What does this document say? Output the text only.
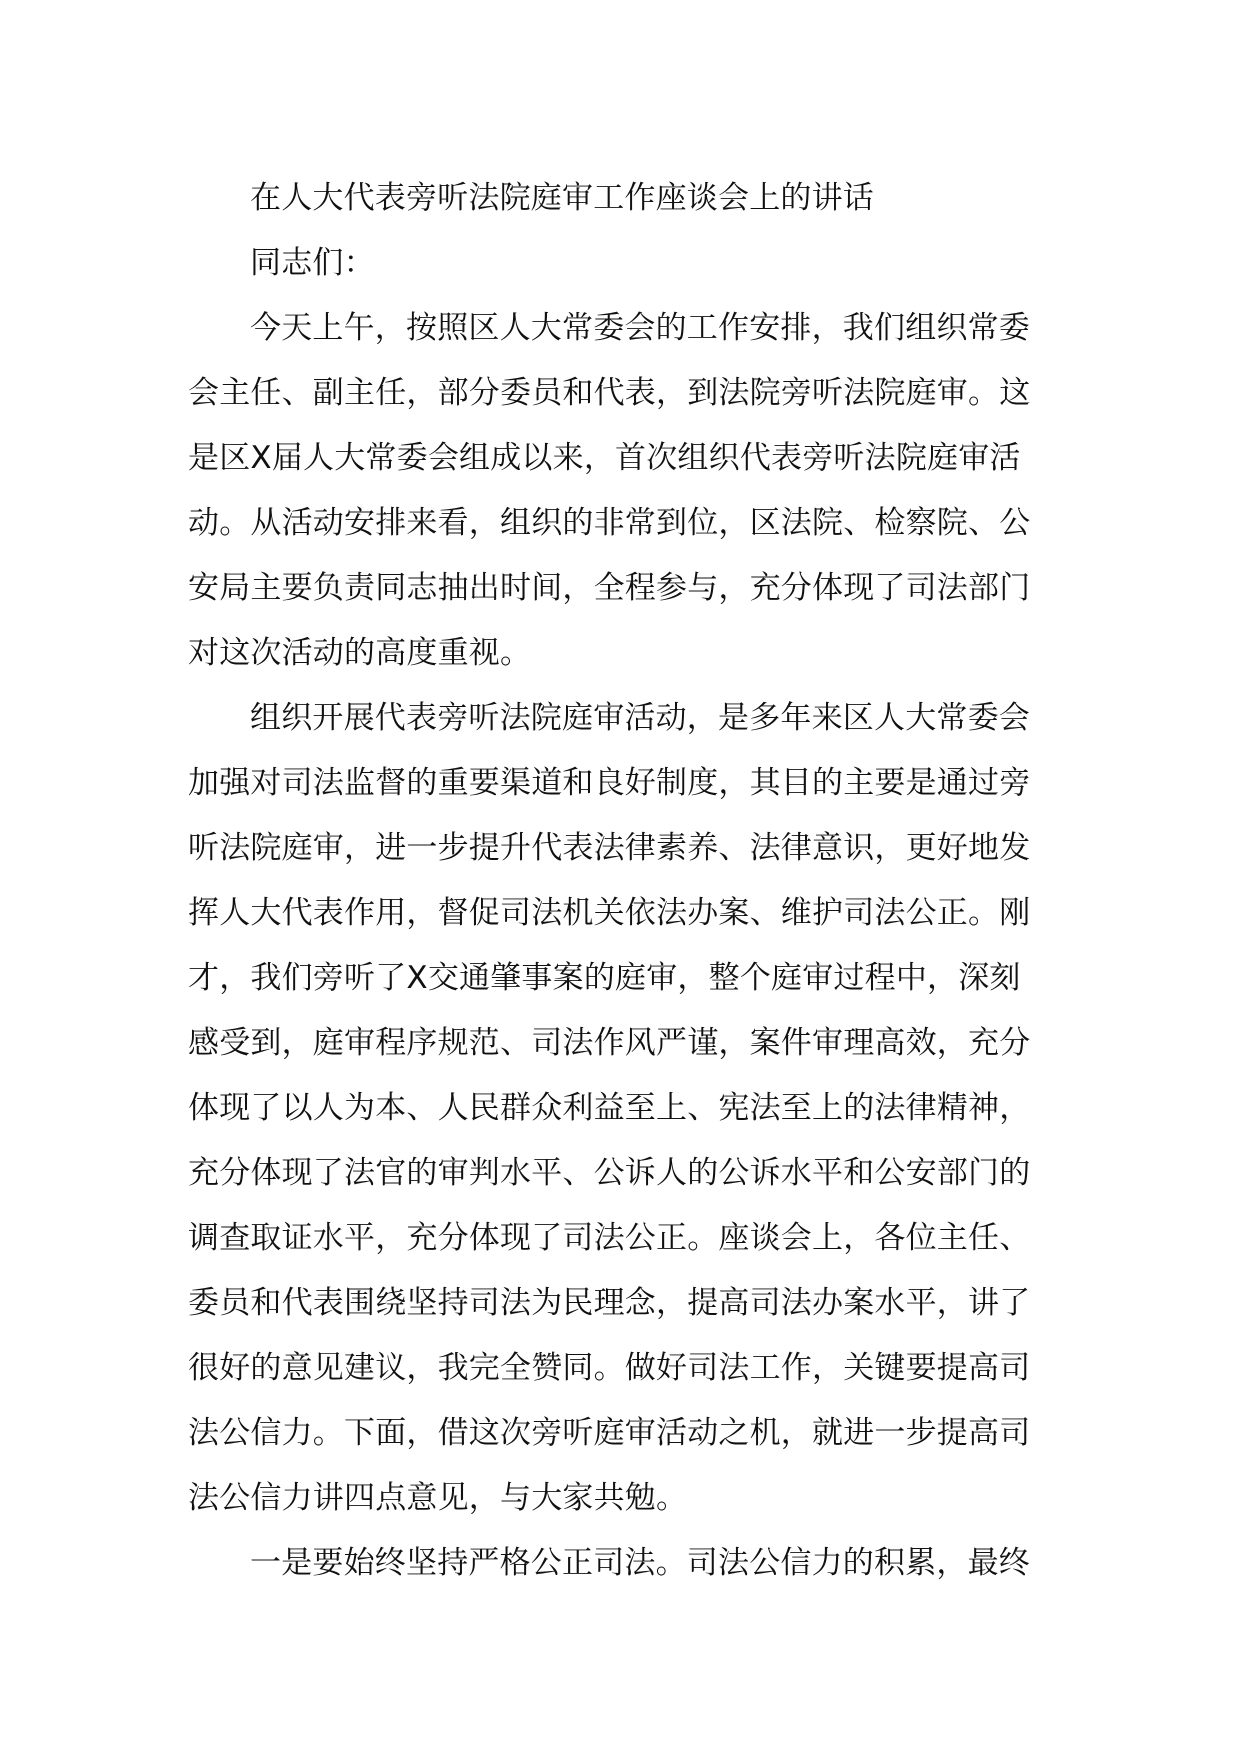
在人大代表旁听法院庭审工作座谈会上的讲话
同志们：
今天上午，按照区人大常委会的工作安排，我们组织常委
会主任、副主任，部分委员和代表，到法院旁听法院庭审。这
是区X届人大常委会组成以来，首次组织代表旁听法院庭审活
动。从活动安排来看，组织的非常到位，区法院、检察院、公
安局主要负责同志抽出时间，全程参与，充分体现了司法部门
对这次活动的高度重视。
组织开展代表旁听法院庭审活动，是多年来区人大常委会
加强对司法监督的重要渠道和良好制度，其目的主要是通过旁
听法院庭审，进一步提升代表法律素养、法律意识，更好地发
挥人大代表作用，督促司法机关依法办案、维护司法公正。刚
才，我们旁听了X交通肇事案的庭审，整个庭审过程中，深刻
感受到，庭审程序规范、司法作风严谨，案件审理高效，充分
体现了以人为本、人民群众利益至上、宪法至上的法律精神，
充分体现了法官的审判水平、公诉人的公诉水平和公安部门的
调查取证水平，充分体现了司法公正。座谈会上，各位主任、
委员和代表围绕坚持司法为民理念，提高司法办案水平，讲了
很好的意见建议，我完全赞同。做好司法工作，关键要提高司
法公信力。下面，借这次旁听庭审活动之机，就进一步提高司
法公信力讲四点意见，与大家共勉。
一是要始终坚持严格公正司法。司法公信力的积累，最终
